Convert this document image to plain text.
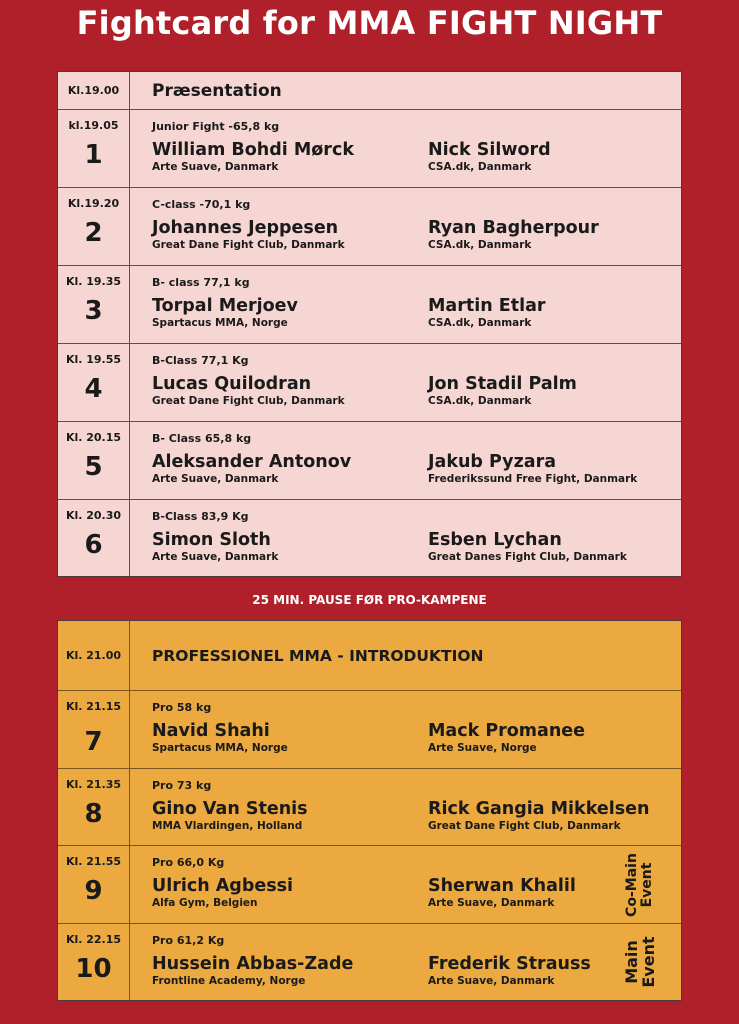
Fightcard for MMA FIGHT NIGHT
Kl.19.00 Præsentation
kl.19.05
1
Junior Fight -65,8 kg
William Bohdi Mørck
Arte Suave, Danmark
Nick Silword
CSA.dk, Danmark
Kl.19.20
2
C-class -70,1 kg
Johannes Jeppesen
Great Dane Fight Club, Danmark
Ryan Bagherpour
CSA.dk, Danmark
Kl. 19.35
3
B- class 77,1 kg
Torpal Merjoev
Spartacus MMA, Norge
Martin Etlar
CSA.dk, Danmark
Kl. 19.55
4
B-Class 77,1 Kg
Lucas Quilodran
Great Dane Fight Club, Danmark
Jon Stadil Palm
CSA.dk, Danmark
Kl. 20.15
5
B- Class 65,8 kg
Aleksander Antonov
Arte Suave, Danmark
Jakub Pyzara
Frederikssund Free Fight, Danmark
Kl. 20.30
6
B-Class 83,9 Kg
Simon Sloth
Arte Suave, Danmark
Esben Lychan
Great Danes Fight Club, Danmark
25 MIN. PAUSE FØR PRO-KAMPENE
Kl. 21.00 PROFESSIONEL MMA - INTRODUKTION
Kl. 21.15
7
Pro 58 kg
Navid Shahi
Spartacus MMA, Norge
Mack Promanee
Arte Suave, Norge
Kl. 21.35
8
Pro 73 kg
Gino Van Stenis
MMA Vlardingen, Holland
Rick Gangia Mikkelsen
Great Dane Fight Club, Danmark
Kl. 21.55
9
Pro 66,0 Kg
Ulrich Agbessi
Alfa Gym, Belgien
Sherwan Khalil
Arte Suave, Danmark	Co-Main Event
Kl. 22.15
10
Pro 61,2 Kg
Hussein Abbas-Zade
Frontline Academy, Norge
Frederik Strauss
Arte Suave, Danmark	Main
Event
